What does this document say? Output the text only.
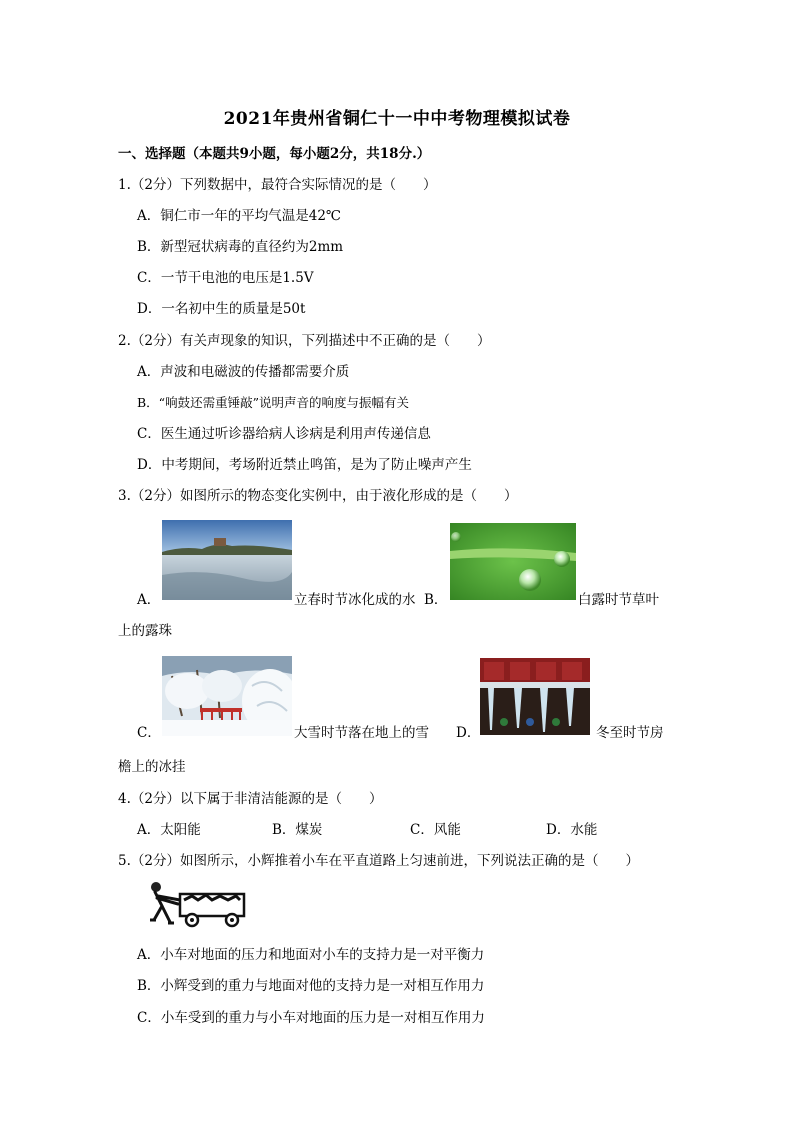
2021年贵州省铜仁十一中中考物理模拟试卷
一、选择题（本题共9小题，每小题2分，共18分.）
1.（2分）下列数据中，最符合实际情况的是（　　）
A．铜仁市一年的平均气温是42℃
B．新型冠状病毒的直径约为2mm
C．一节干电池的电压是1.5V
D．一名初中生的质量是50t
2.（2分）有关声现象的知识，下列描述中不正确的是（　　）
A．声波和电磁波的传播都需要介质
B．“响鼓还需重锤敲”说明声音的响度与振幅有关
C．医生通过听诊器给病人诊病是利用声传递信息
D．中考期间，考场附近禁止鸣笛，是为了防止噪声产生
3.（2分）如图所示的物态变化实例中，由于液化形成的是（　　）
A．	立春时节冰化成的水 B．	白露时节草叶
上的露珠
C．	大雪时节落在地上的雪 D．	冬至时节房
檐上的冰挂
4.（2分）以下属于非清洁能源的是（　　）
A．太阳能	B．煤炭	C．风能	D．水能
5.（2分）如图所示，小辉推着小车在平直道路上匀速前进，下列说法正确的是（　　）
A．小车对地面的压力和地面对小车的支持力是一对平衡力
B．小辉受到的重力与地面对他的支持力是一对相互作用力
C．小车受到的重力与小车对地面的压力是一对相互作用力
